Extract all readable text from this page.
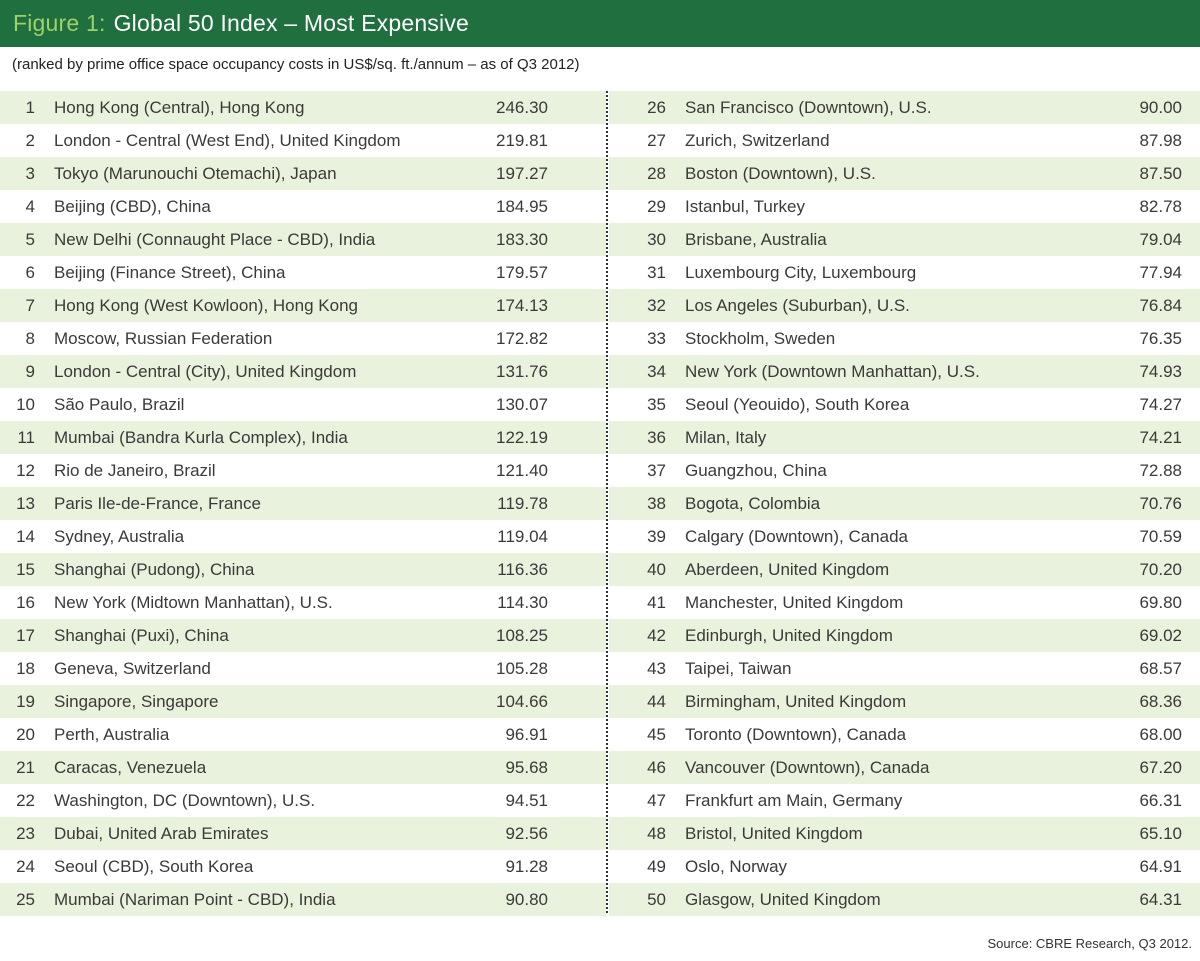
Figure 1: Global 50 Index – Most Expensive
(ranked by prime office space occupancy costs in US$/sq. ft./annum – as of Q3 2012)
1	Hong Kong (Central), Hong Kong	246.30
2	London - Central (West End), United Kingdom	219.81
3	Tokyo (Marunouchi Otemachi), Japan	197.27
4	Beijing (CBD), China	184.95
5	New Delhi (Connaught Place - CBD), India	183.30
6	Beijing (Finance Street), China	179.57
7	Hong Kong (West Kowloon), Hong Kong	174.13
8	Moscow, Russian Federation	172.82
9	London - Central (City), United Kingdom	131.76
10	São Paulo, Brazil	130.07
11	Mumbai (Bandra Kurla Complex), India	122.19
12	Rio de Janeiro, Brazil	121.40
13	Paris Ile-de-France, France	119.78
14	Sydney, Australia	119.04
15	Shanghai (Pudong), China	116.36
16	New York (Midtown Manhattan), U.S.	114.30
17	Shanghai (Puxi), China	108.25
18	Geneva, Switzerland	105.28
19	Singapore, Singapore	104.66
20	Perth, Australia	96.91
21	Caracas, Venezuela	95.68
22	Washington, DC (Downtown), U.S.	94.51
23	Dubai, United Arab Emirates	92.56
24	Seoul (CBD), South Korea	91.28
25	Mumbai (Nariman Point - CBD), India	90.80
26	San Francisco (Downtown), U.S.	90.00
27	Zurich, Switzerland	87.98
28	Boston (Downtown), U.S.	87.50
29	Istanbul, Turkey	82.78
30	Brisbane, Australia	79.04
31	Luxembourg City, Luxembourg	77.94
32	Los Angeles (Suburban), U.S.	76.84
33	Stockholm, Sweden	76.35
34	New York (Downtown Manhattan), U.S.	74.93
35	Seoul (Yeouido), South Korea	74.27
36	Milan, Italy	74.21
37	Guangzhou, China	72.88
38	Bogota, Colombia	70.76
39	Calgary (Downtown), Canada	70.59
40	Aberdeen, United Kingdom	70.20
41	Manchester, United Kingdom	69.80
42	Edinburgh, United Kingdom	69.02
43	Taipei, Taiwan	68.57
44	Birmingham, United Kingdom	68.36
45	Toronto (Downtown), Canada	68.00
46	Vancouver (Downtown), Canada	67.20
47	Frankfurt am Main, Germany	66.31
48	Bristol, United Kingdom	65.10
49	Oslo, Norway	64.91
50	Glasgow, United Kingdom	64.31
Source: CBRE Research, Q3 2012.
